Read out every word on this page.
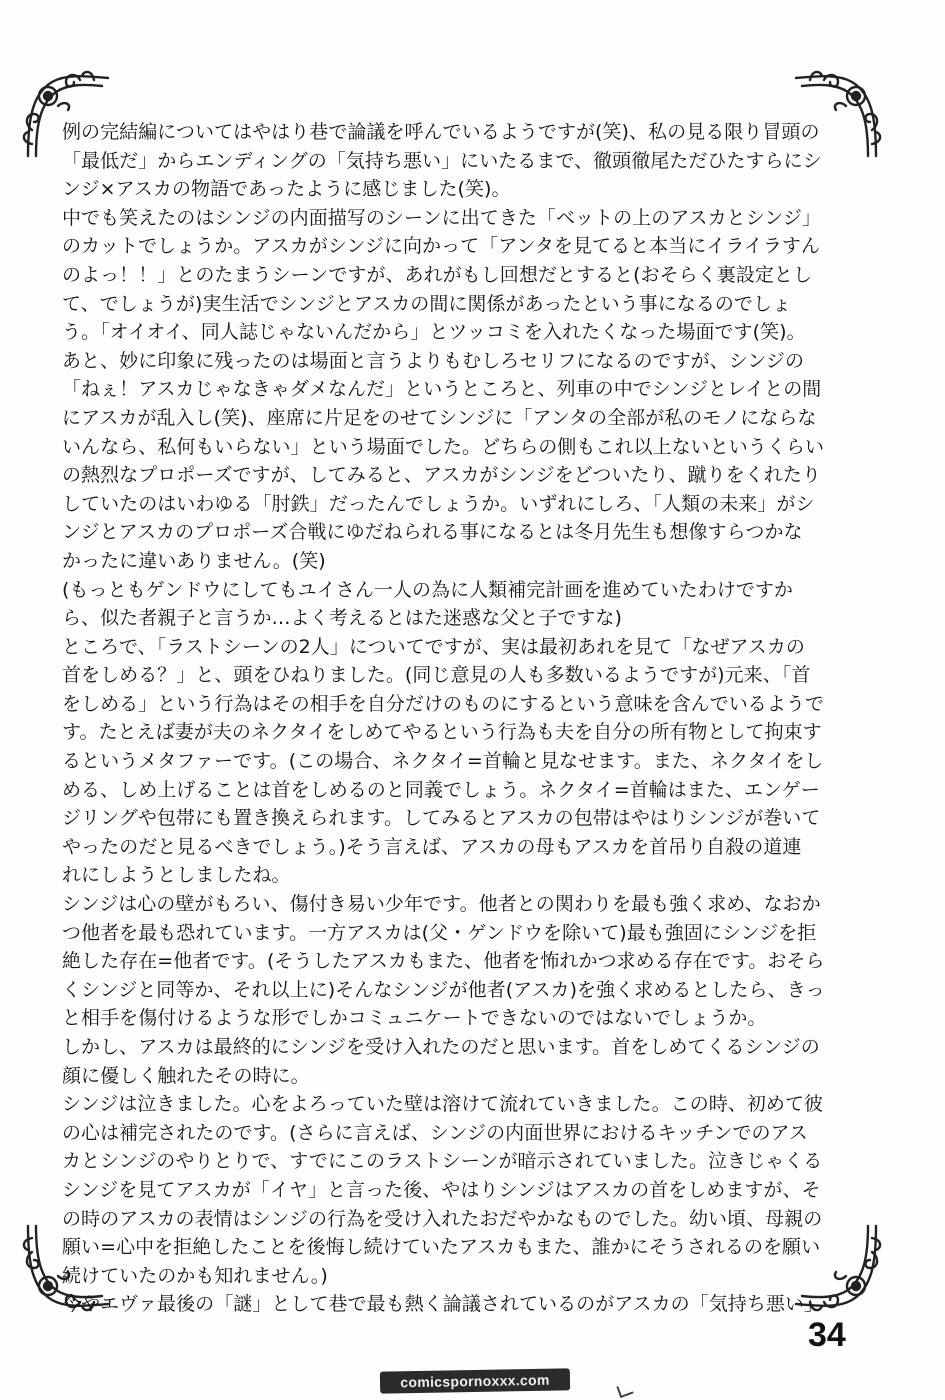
例の完結編についてはやはり巷で論議を呼んでいるようですが(笑)、私の見る限り冒頭の
「最低だ」からエンディングの「気持ち悪い」にいたるまで、徹頭徹尾ただひたすらにシ
ンジ×アスカの物語であったように感じました(笑)。
中でも笑えたのはシンジの内面描写のシーンに出てきた「ベットの上のアスカとシンジ」
のカットでしょうか。アスカがシンジに向かって「アンタを見てると本当にイライラすん
のよっ！！」とのたまうシーンですが、あれがもし回想だとすると(おそらく裏設定とし
て、でしょうが)実生活でシンジとアスカの間に関係があったという事になるのでしょ
う。「オイオイ、同人誌じゃないんだから」とツッコミを入れたくなった場面です(笑)。
あと、妙に印象に残ったのは場面と言うよりもむしろセリフになるのですが、シンジの
「ねぇ！アスカじゃなきゃダメなんだ」というところと、列車の中でシンジとレイとの間
にアスカが乱入し(笑)、座席に片足をのせてシンジに「アンタの全部が私のモノにならな
いんなら、私何もいらない」という場面でした。どちらの側もこれ以上ないというくらい
の熱烈なプロポーズですが、してみると、アスカがシンジをどついたり、蹴りをくれたり
していたのはいわゆる「肘鉄」だったんでしょうか。いずれにしろ、「人類の未来」がシ
ンジとアスカのプロポーズ合戦にゆだねられる事になるとは冬月先生も想像すらつかな
かったに違いありません。(笑)
(もっともゲンドウにしてもユイさん一人の為に人類補完計画を進めていたわけですか
ら、似た者親子と言うか…よく考えるとはた迷惑な父と子ですな)
ところで、「ラストシーンの2人」についてですが、実は最初あれを見て「なぜアスカの
首をしめる？」と、頭をひねりました。(同じ意見の人も多数いるようですが)元来、「首
をしめる」という行為はその相手を自分だけのものにするという意味を含んでいるようで
す。たとえば妻が夫のネクタイをしめてやるという行為も夫を自分の所有物として拘束す
るというメタファーです。(この場合、ネクタイ=首輪と見なせます。また、ネクタイをし
める、しめ上げることは首をしめるのと同義でしょう。ネクタイ=首輪はまた、エンゲー
ジリングや包帯にも置き換えられます。してみるとアスカの包帯はやはりシンジが巻いて
やったのだと見るべきでしょう。)そう言えば、アスカの母もアスカを首吊り自殺の道連
れにしようとしましたね。
シンジは心の壁がもろい、傷付き易い少年です。他者との関わりを最も強く求め、なおか
つ他者を最も恐れています。一方アスカは(父・ゲンドウを除いて)最も強固にシンジを拒
絶した存在=他者です。(そうしたアスカもまた、他者を怖れかつ求める存在です。おそら
くシンジと同等か、それ以上に)そんなシンジが他者(アスカ)を強く求めるとしたら、きっ
と相手を傷付けるような形でしかコミュニケートできないのではないでしょうか。
しかし、アスカは最終的にシンジを受け入れたのだと思います。首をしめてくるシンジの
顔に優しく触れたその時に。
シンジは泣きました。心をよろっていた壁は溶けて流れていきました。この時、初めて彼
の心は補完されたのです。(さらに言えば、シンジの内面世界におけるキッチンでのアス
カとシンジのやりとりで、すでにこのラストシーンが暗示されていました。泣きじゃくる
シンジを見てアスカが「イヤ」と言った後、やはりシンジはアスカの首をしめますが、そ
の時のアスカの表情はシンジの行為を受け入れたおだやかなものでした。幼い頃、母親の
願い=心中を拒絶したことを後悔し続けていたアスカもまた、誰かにそうされるのを願い
続けていたのかも知れません。)
今やエヴァ最後の「謎」として巷で最も熱く論議されているのがアスカの「気持ち悪い」
34
comicspornoxxx.com
